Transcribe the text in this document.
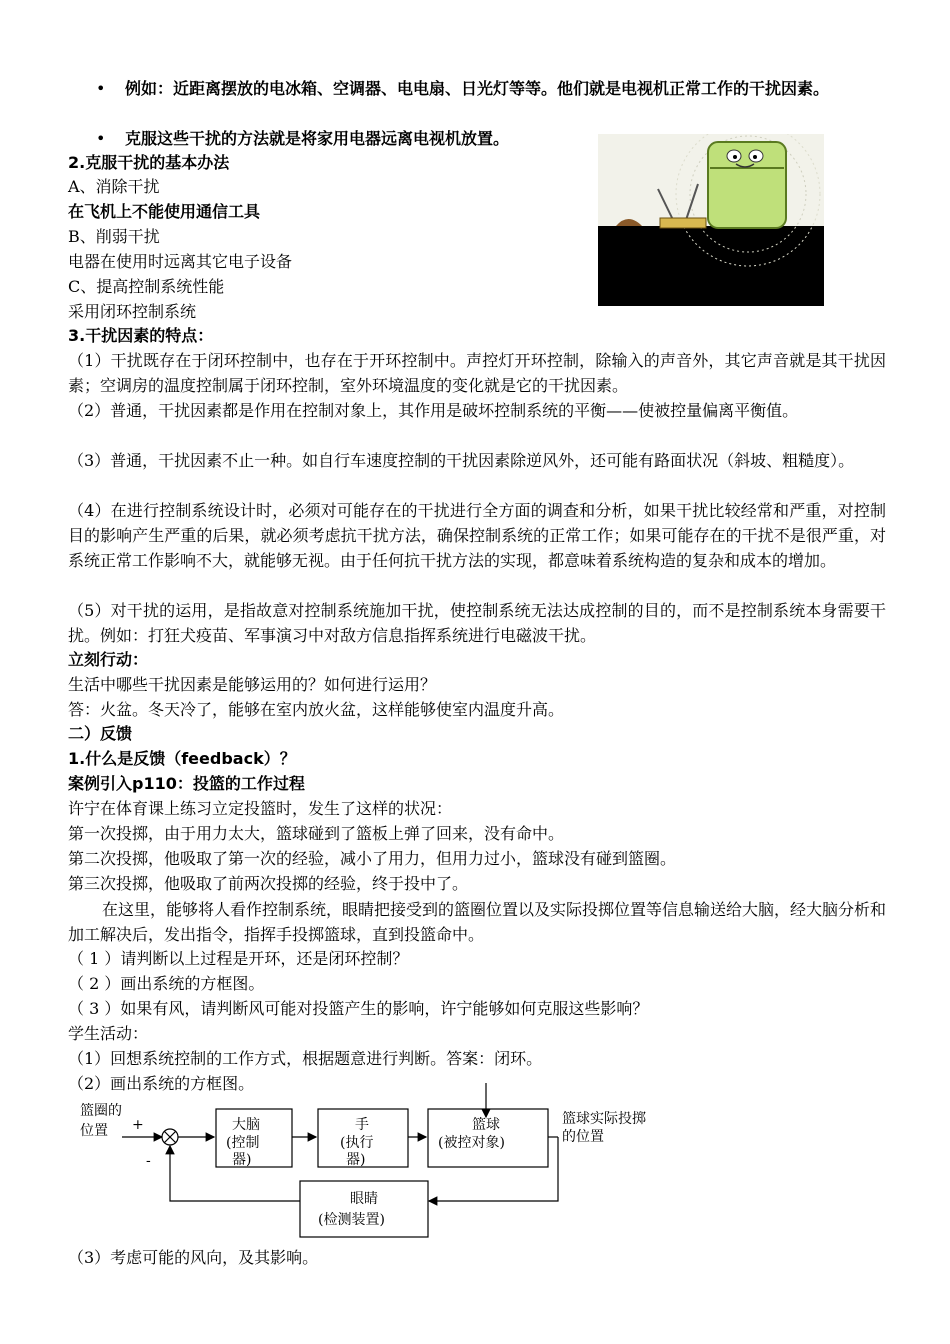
• 例如：近距离摆放的电冰箱、空调器、电电扇、日光灯等等。他们就是电视机正常工作的干扰因素。
• 克服这些干扰的方法就是将家用电器远离电视机放置。
2.克服干扰的基本办法
A、消除干扰
在飞机上不能使用通信工具
B、削弱干扰
电器在使用时远离其它电子设备
C、提高控制系统性能
采用闭环控制系统
3.干扰因素的特点：
（1）干扰既存在于闭环控制中，也存在于开环控制中。声控灯开环控制，除输入的声音外，其它声音就是其干扰因素；空调房的温度控制属于闭环控制，室外环境温度的变化就是它的干扰因素。
（2）普通，干扰因素都是作用在控制对象上，其作用是破坏控制系统的平衡——使被控量偏离平衡值。
（3）普通，干扰因素不止一种。如自行车速度控制的干扰因素除逆风外，还可能有路面状况（斜坡、粗糙度）。
（4）在进行控制系统设计时，必须对可能存在的干扰进行全方面的调查和分析，如果干扰比较经常和严重，对控制目的影响产生严重的后果，就必须考虑抗干扰方法，确保控制系统的正常工作；如果可能存在的干扰不是很严重，对系统正常工作影响不大，就能够无视。由于任何抗干扰方法的实现，都意味着系统构造的复杂和成本的增加。
（5）对干扰的运用，是指故意对控制系统施加干扰，使控制系统无法达成控制的目的，而不是控制系统本身需要干扰。例如：打狂犬疫苗、军事演习中对敌方信息指挥系统进行电磁波干扰。
立刻行动：
生活中哪些干扰因素是能够运用的？如何进行运用？
答：火盆。冬天冷了，能够在室内放火盆，这样能够使室内温度升高。
二）反馈
1.什么是反馈（feedback）？
案例引入p110：投篮的工作过程
许宁在体育课上练习立定投篮时，发生了这样的状况：
第一次投掷，由于用力太大，篮球碰到了篮板上弹了回来，没有命中。
第二次投掷，他吸取了第一次的经验，减小了用力，但用力过小，篮球没有碰到篮圈。
第三次投掷，他吸取了前两次投掷的经验，终于投中了。
在这里，能够将人看作控制系统，眼睛把接受到的篮圈位置以及实际投掷位置等信息输送给大脑，经大脑分析和加工解决后，发出指令，指挥手投掷篮球，直到投篮命中。
（ 1 ）请判断以上过程是开环，还是闭环控制？
（ 2 ）画出系统的方框图。
（ 3 ）如果有风，请判断风可能对投篮产生的影响，许宁能够如何克服这些影响？
学生活动：
（1）回想系统控制的工作方式，根据题意进行判断。答案：闭环。
（2）画出系统的方框图。
篮圈的
位置 +
-
大脑
(控制
器)
手
(执行
器)
篮球
(被控对象)
篮球实际投掷
的位置
眼睛
(检测装置)
（3）考虑可能的风向，及其影响。
